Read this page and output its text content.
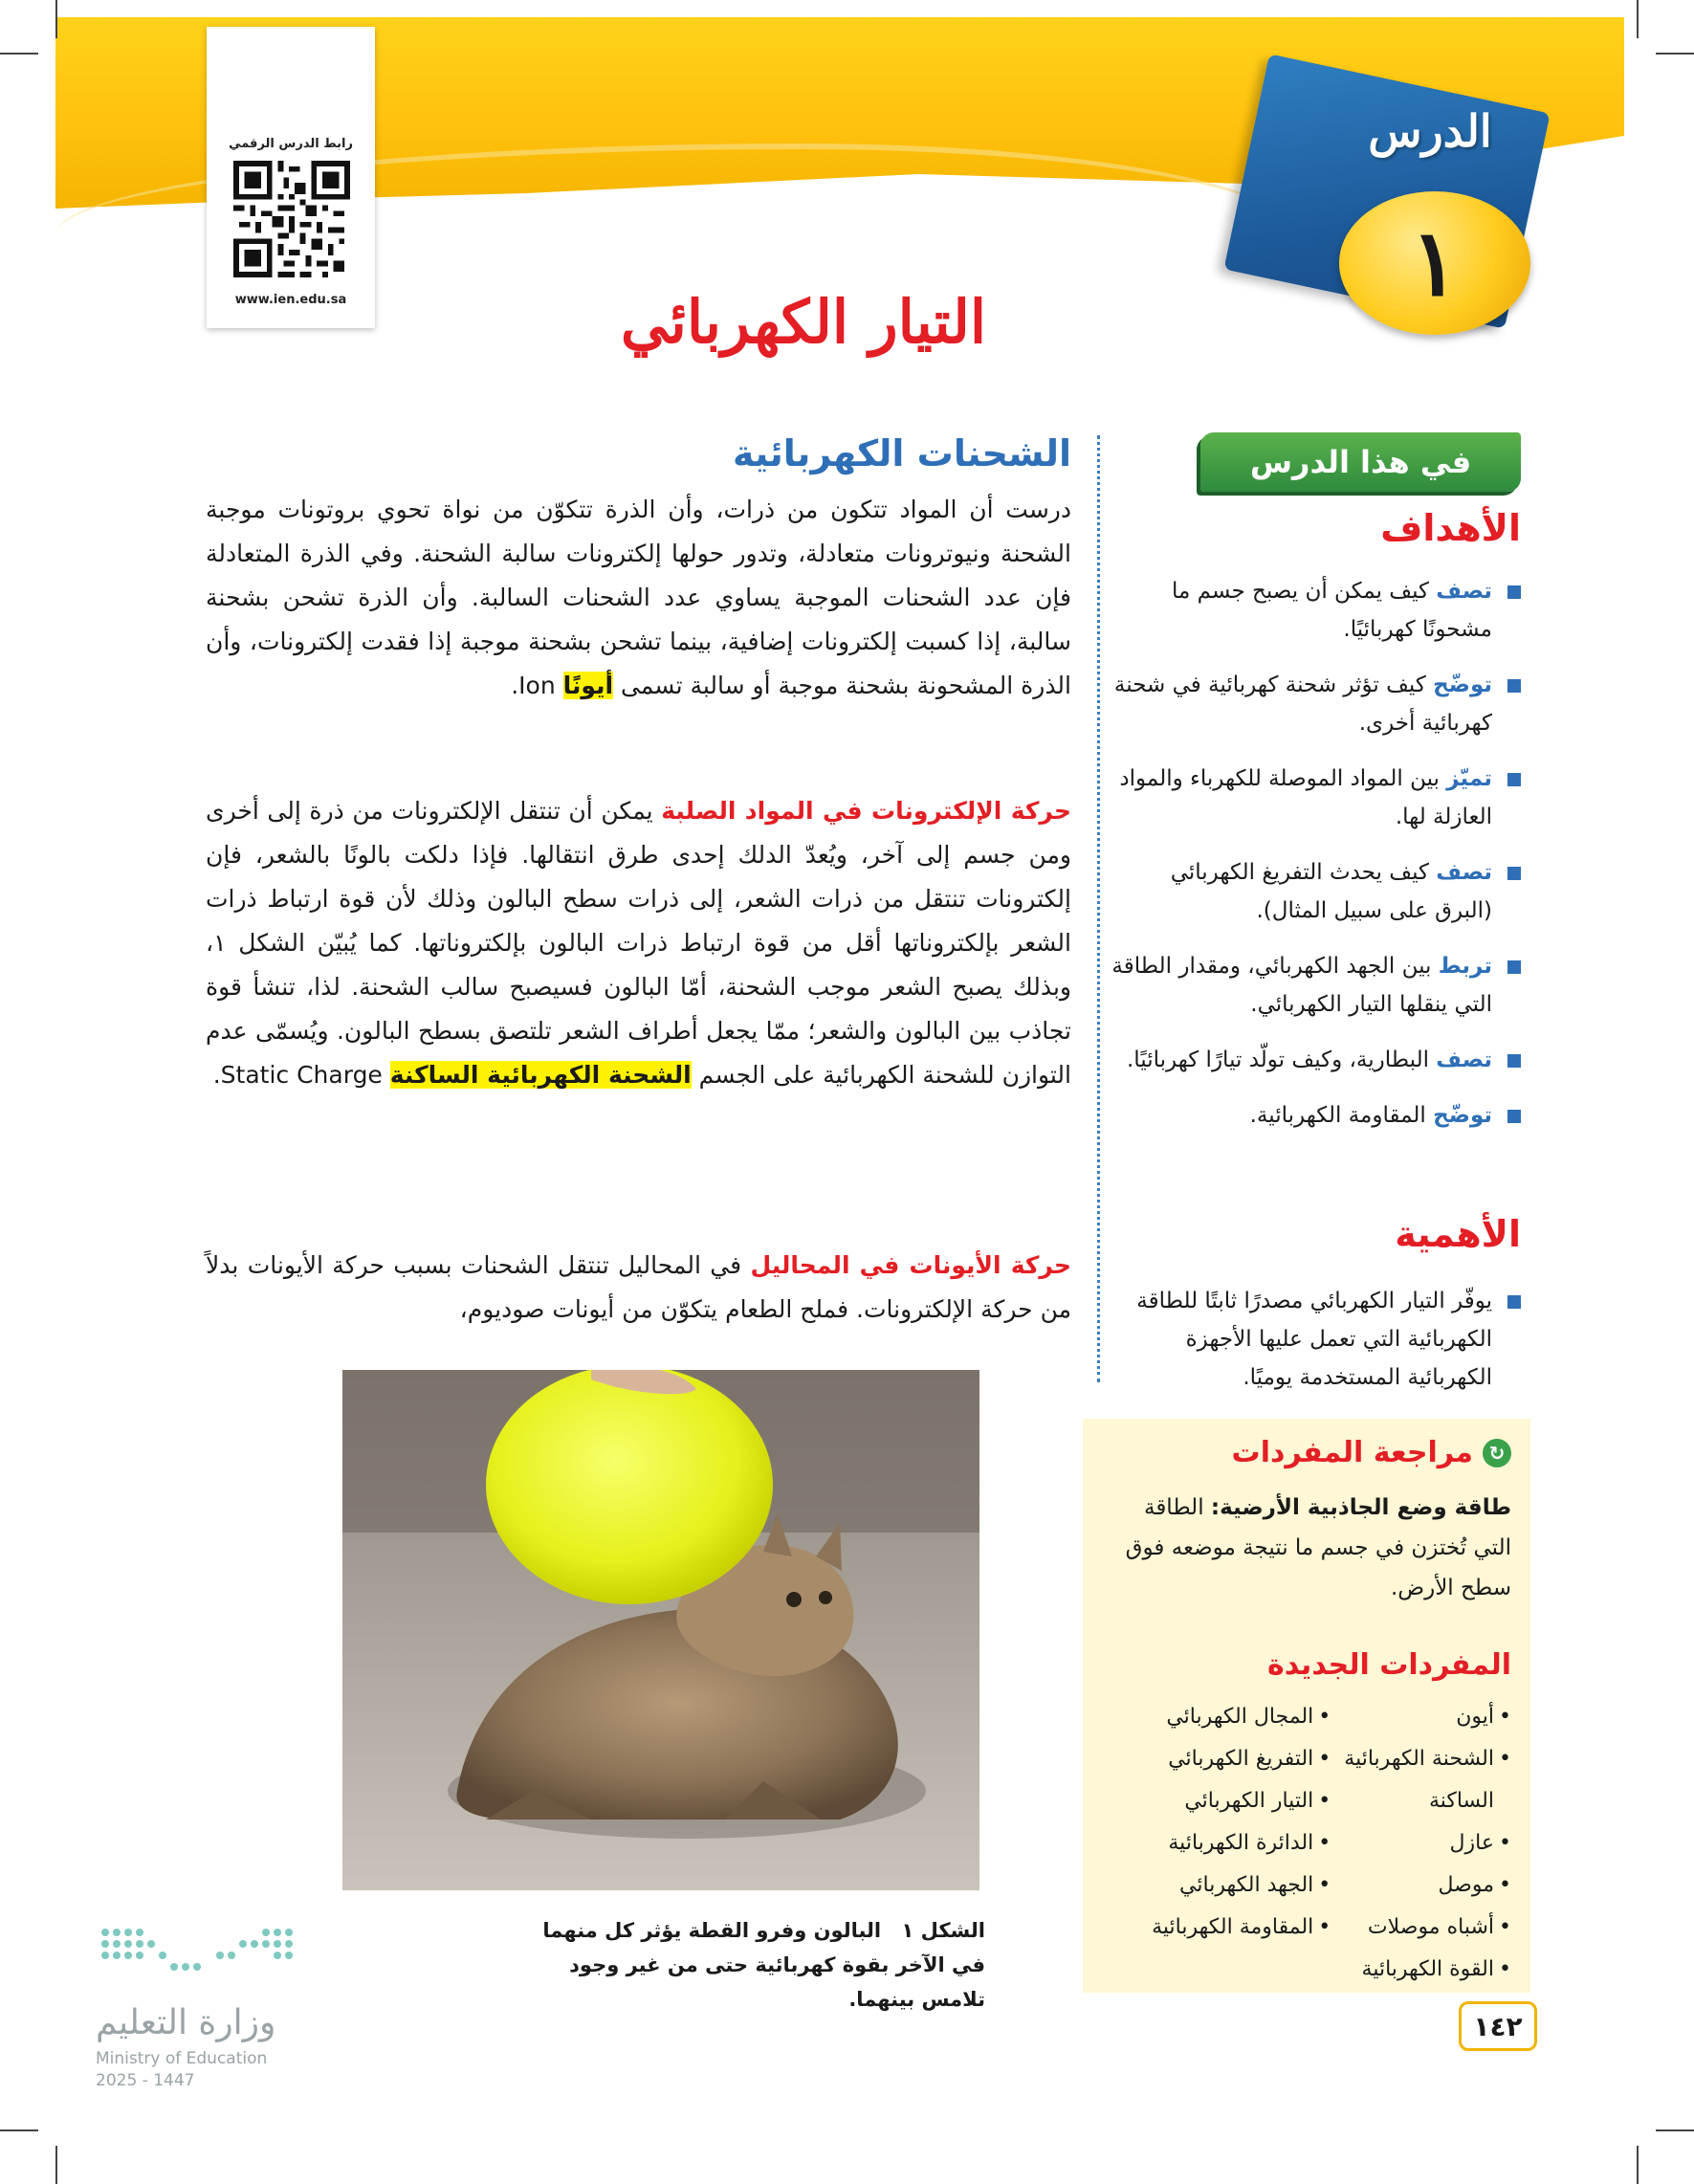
الدرس
١
رابط الدرس الرقمي
www.ien.edu.sa	التيار الكهربائي
الشحنات الكهربائية
درست أن المواد تتكون من ذرات، وأن الذرة تتكوّن من نواة تحوي بروتونات موجبة الشحنة ونيوترونات متعادلة، وتدور حولها إلكترونات سالبة الشحنة. وفي الذرة المتعادلة فإن عدد الشحنات الموجبة يساوي عدد الشحنات السالبة. وأن الذرة تشحن بشحنة سالبة، إذا كسبت إلكترونات إضافية، بينما تشحن بشحنة موجبة إذا فقدت إلكترونات، وأن الذرة المشحونة بشحنة موجبة أو سالبة تسمى أيونًا Ion.
حركة الإلكترونات في المواد الصلبة يمكن أن تنتقل الإلكترونات من ذرة إلى أخرى ومن جسم إلى آخر، ويُعدّ الدلك إحدى طرق انتقالها. فإذا دلكت بالونًا بالشعر، فإن إلكترونات تنتقل من ذرات الشعر، إلى ذرات سطح البالون وذلك لأن قوة ارتباط ذرات الشعر بإلكتروناتها أقل من قوة ارتباط ذرات البالون بإلكتروناتها. كما يُبيّن الشكل ١، وبذلك يصبح الشعر موجب الشحنة، أمّا البالون فسيصبح سالب الشحنة. لذا، تنشأ قوة تجاذب بين البالون والشعر؛ ممّا يجعل أطراف الشعر تلتصق بسطح البالون. ويُسمّى عدم التوازن للشحنة الكهربائية على الجسم الشحنة الكهربائية الساكنة Static Charge.
حركة الأيونات في المحاليل في المحاليل تنتقل الشحنات بسبب حركة الأيونات بدلاً من حركة الإلكترونات. فملح الطعام يتكوّن من أيونات صوديوم،
الشكل ١ البالون وفرو القطة يؤثر كل منهما في الآخر بقوة كهربائية حتى من غير وجود تلامس بينهما.
في هذا الدرس
الأهداف
تصف كيف يمكن أن يصبح جسم ما مشحونًا كهربائيًا.
توضّح كيف تؤثر شحنة كهربائية في شحنة كهربائية أخرى.
تميّز بين المواد الموصلة للكهرباء والمواد العازلة لها.
تصف كيف يحدث التفريغ الكهربائي (البرق على سبيل المثال).
تربط بين الجهد الكهربائي، ومقدار الطاقة التي ينقلها التيار الكهربائي.
تصف البطارية، وكيف تولّد تيارًا كهربائيًا.
توضّح المقاومة الكهربائية.
الأهمية
يوفّر التيار الكهربائي مصدرًا ثابتًا للطاقة الكهربائية التي تعمل عليها الأجهزة الكهربائية المستخدمة يوميًا.
↻
مراجعة المفردات
طاقة وضع الجاذبية الأرضية: الطاقة التي تُختزن في جسم ما نتيجة موضعه فوق سطح الأرض.
المفردات الجديدة
• أيون
• الشحنة الكهربائية الساكنة
• عازل
• موصل
• أشباه موصلات
• القوة الكهربائية
• المجال الكهربائي
• التفريغ الكهربائي
• التيار الكهربائي
• الدائرة الكهربائية
• الجهد الكهربائي
• المقاومة الكهربائية
وزارة التعليم
Ministry of Education
2025 - 1447
١٤٢
